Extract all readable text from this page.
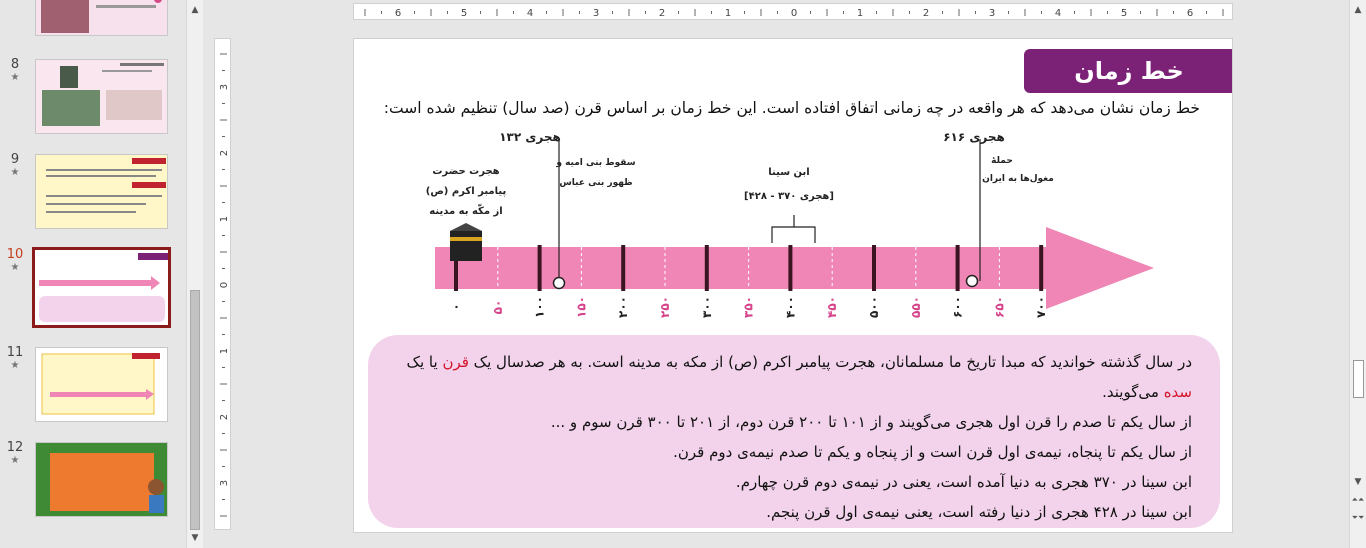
8
★
9
★
10
★
11
★
12
★
▲
▼
6	5	4	3	2	1	0	1	2	3	4	5	6
3
2
1
0
1
2
3
▲
▼
⏶⏶
⏷⏷
خط زمان
خط زمان نشان می‌دهد که هر واقعه در چه زمانی اتفاق افتاده است. این خط زمان بر اساس قرن (صد سال) تنظیم شده است:
۰ ۵۰ ۱۰۰ ۱۵۰ ۲۰۰ ۲۵۰ ۳۰۰ ۳۵۰ ۴۰۰ ۴۵۰ ۵۰۰ ۵۵۰ ۶۰۰ ۶۵۰ ۷۰۰
هجرت حضرت
پیامبر اکرم (ص)
از مکّه به مدینه
۱۳۲ هجری
سقوط بنی امیه و
ظهور بنی عباس
ابن سینا
[۴۲۸ - ۳۷۰ هجری]
۶۱۶ هجری
حملهٔ
مغول‌ها به ایران
در سال گذشته خواندید که مبدا تاریخ ما مسلمانان، هجرت پیامبر اکرم (ص) از مکه به مدینه است. به هر صدسال یک قرن یا یک سده می‌گویند.
از سال یکم تا صدم را قرن اول هجری می‌گویند و از ۱۰۱ تا ۲۰۰ قرن دوم، از ۲۰۱ تا ۳۰۰ قرن سوم و ...
از سال یکم تا پنجاه، نیمه‌ی اول قرن است و از پنجاه و یکم تا صدم نیمه‌ی دوم قرن.
ابن سینا در ۳۷۰ هجری به دنیا آمده است، یعنی در نیمه‌ی دوم قرن چهارم.
ابن سینا در ۴۲۸ هجری از دنیا رفته است، یعنی نیمه‌ی اول قرن پنجم.
